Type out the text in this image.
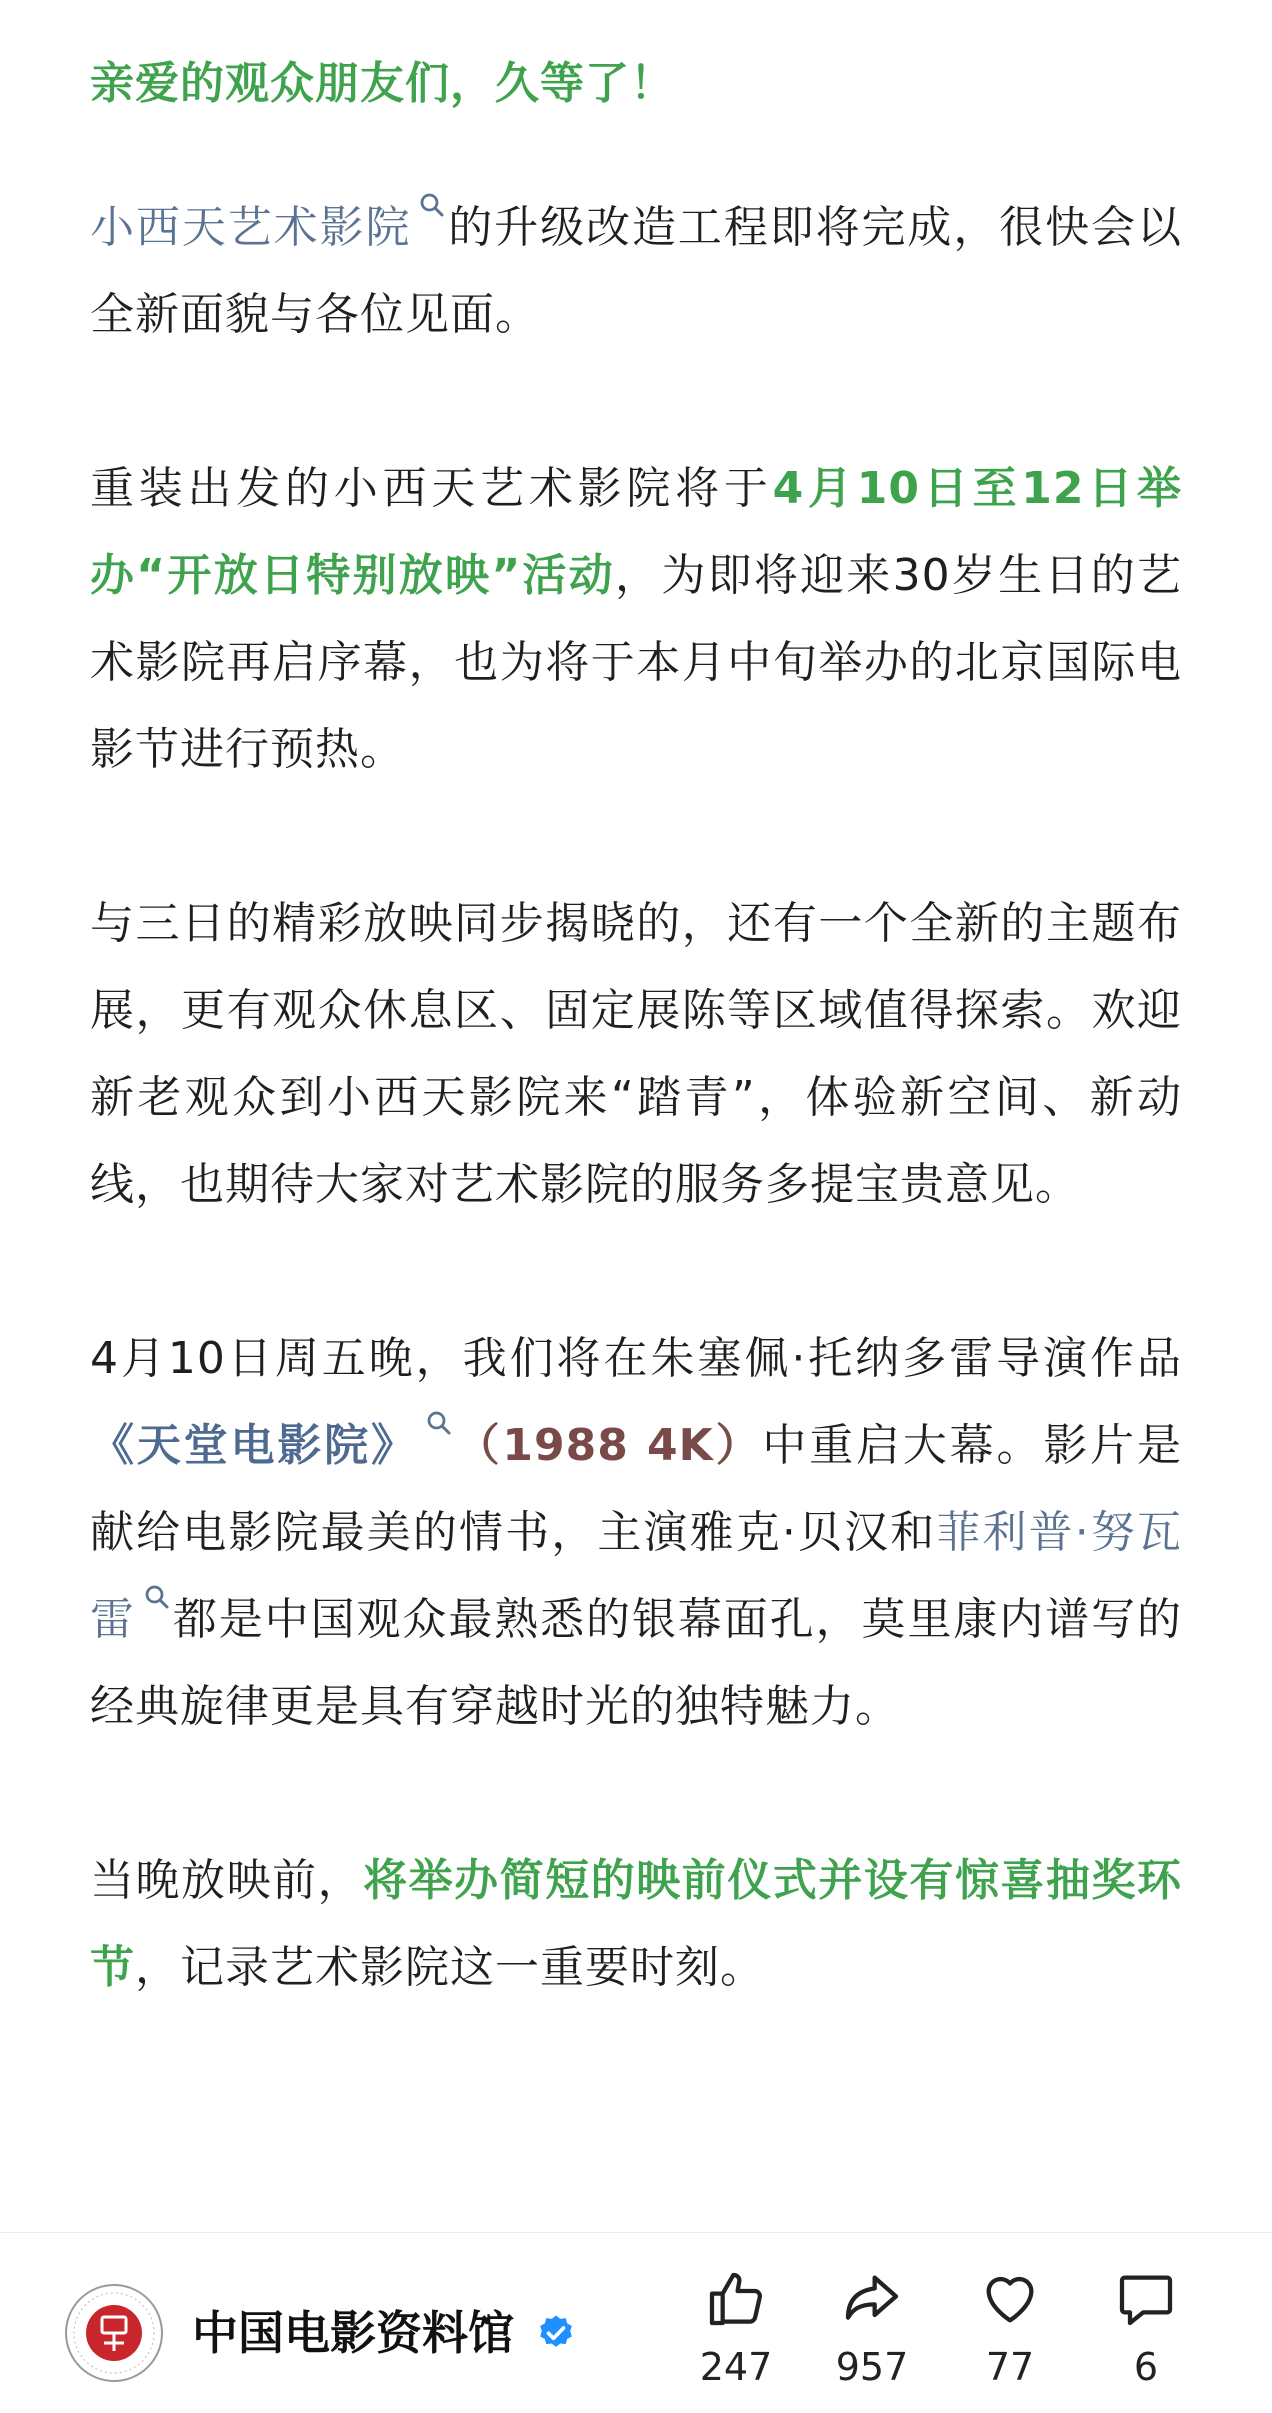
亲爱的观众朋友们，久等了！

小西天艺术影院 的升级改造工程即将完成，很快会以全新面貌与各位见面。

重装出发的小西天艺术影院将于4月10日至12日举办“开放日特别放映”活动，为即将迎来30岁生日的艺术影院再启序幕，也为将于本月中旬举办的北京国际电影节进行预热。

与三日的精彩放映同步揭晓的，还有一个全新的主题布展，更有观众休息区、固定展陈等区域值得探索。欢迎新老观众到小西天影院来“踏青”，体验新空间、新动线，也期待大家对艺术影院的服务多提宝贵意见。

4月10日周五晚，我们将在朱塞佩·托纳多雷导演作品《天堂电影院》 （1988 4K）中重启大幕。影片是献给电影院最美的情书，主演雅克·贝汉和菲利普·努瓦雷 都是中国观众最熟悉的银幕面孔，莫里康内谱写的经典旋律更是具有穿越时光的独特魅力。

当晚放映前，将举办简短的映前仪式并设有惊喜抽奖环节，记录艺术影院这一重要时刻。

中国电影资料馆
247	957	77	6
